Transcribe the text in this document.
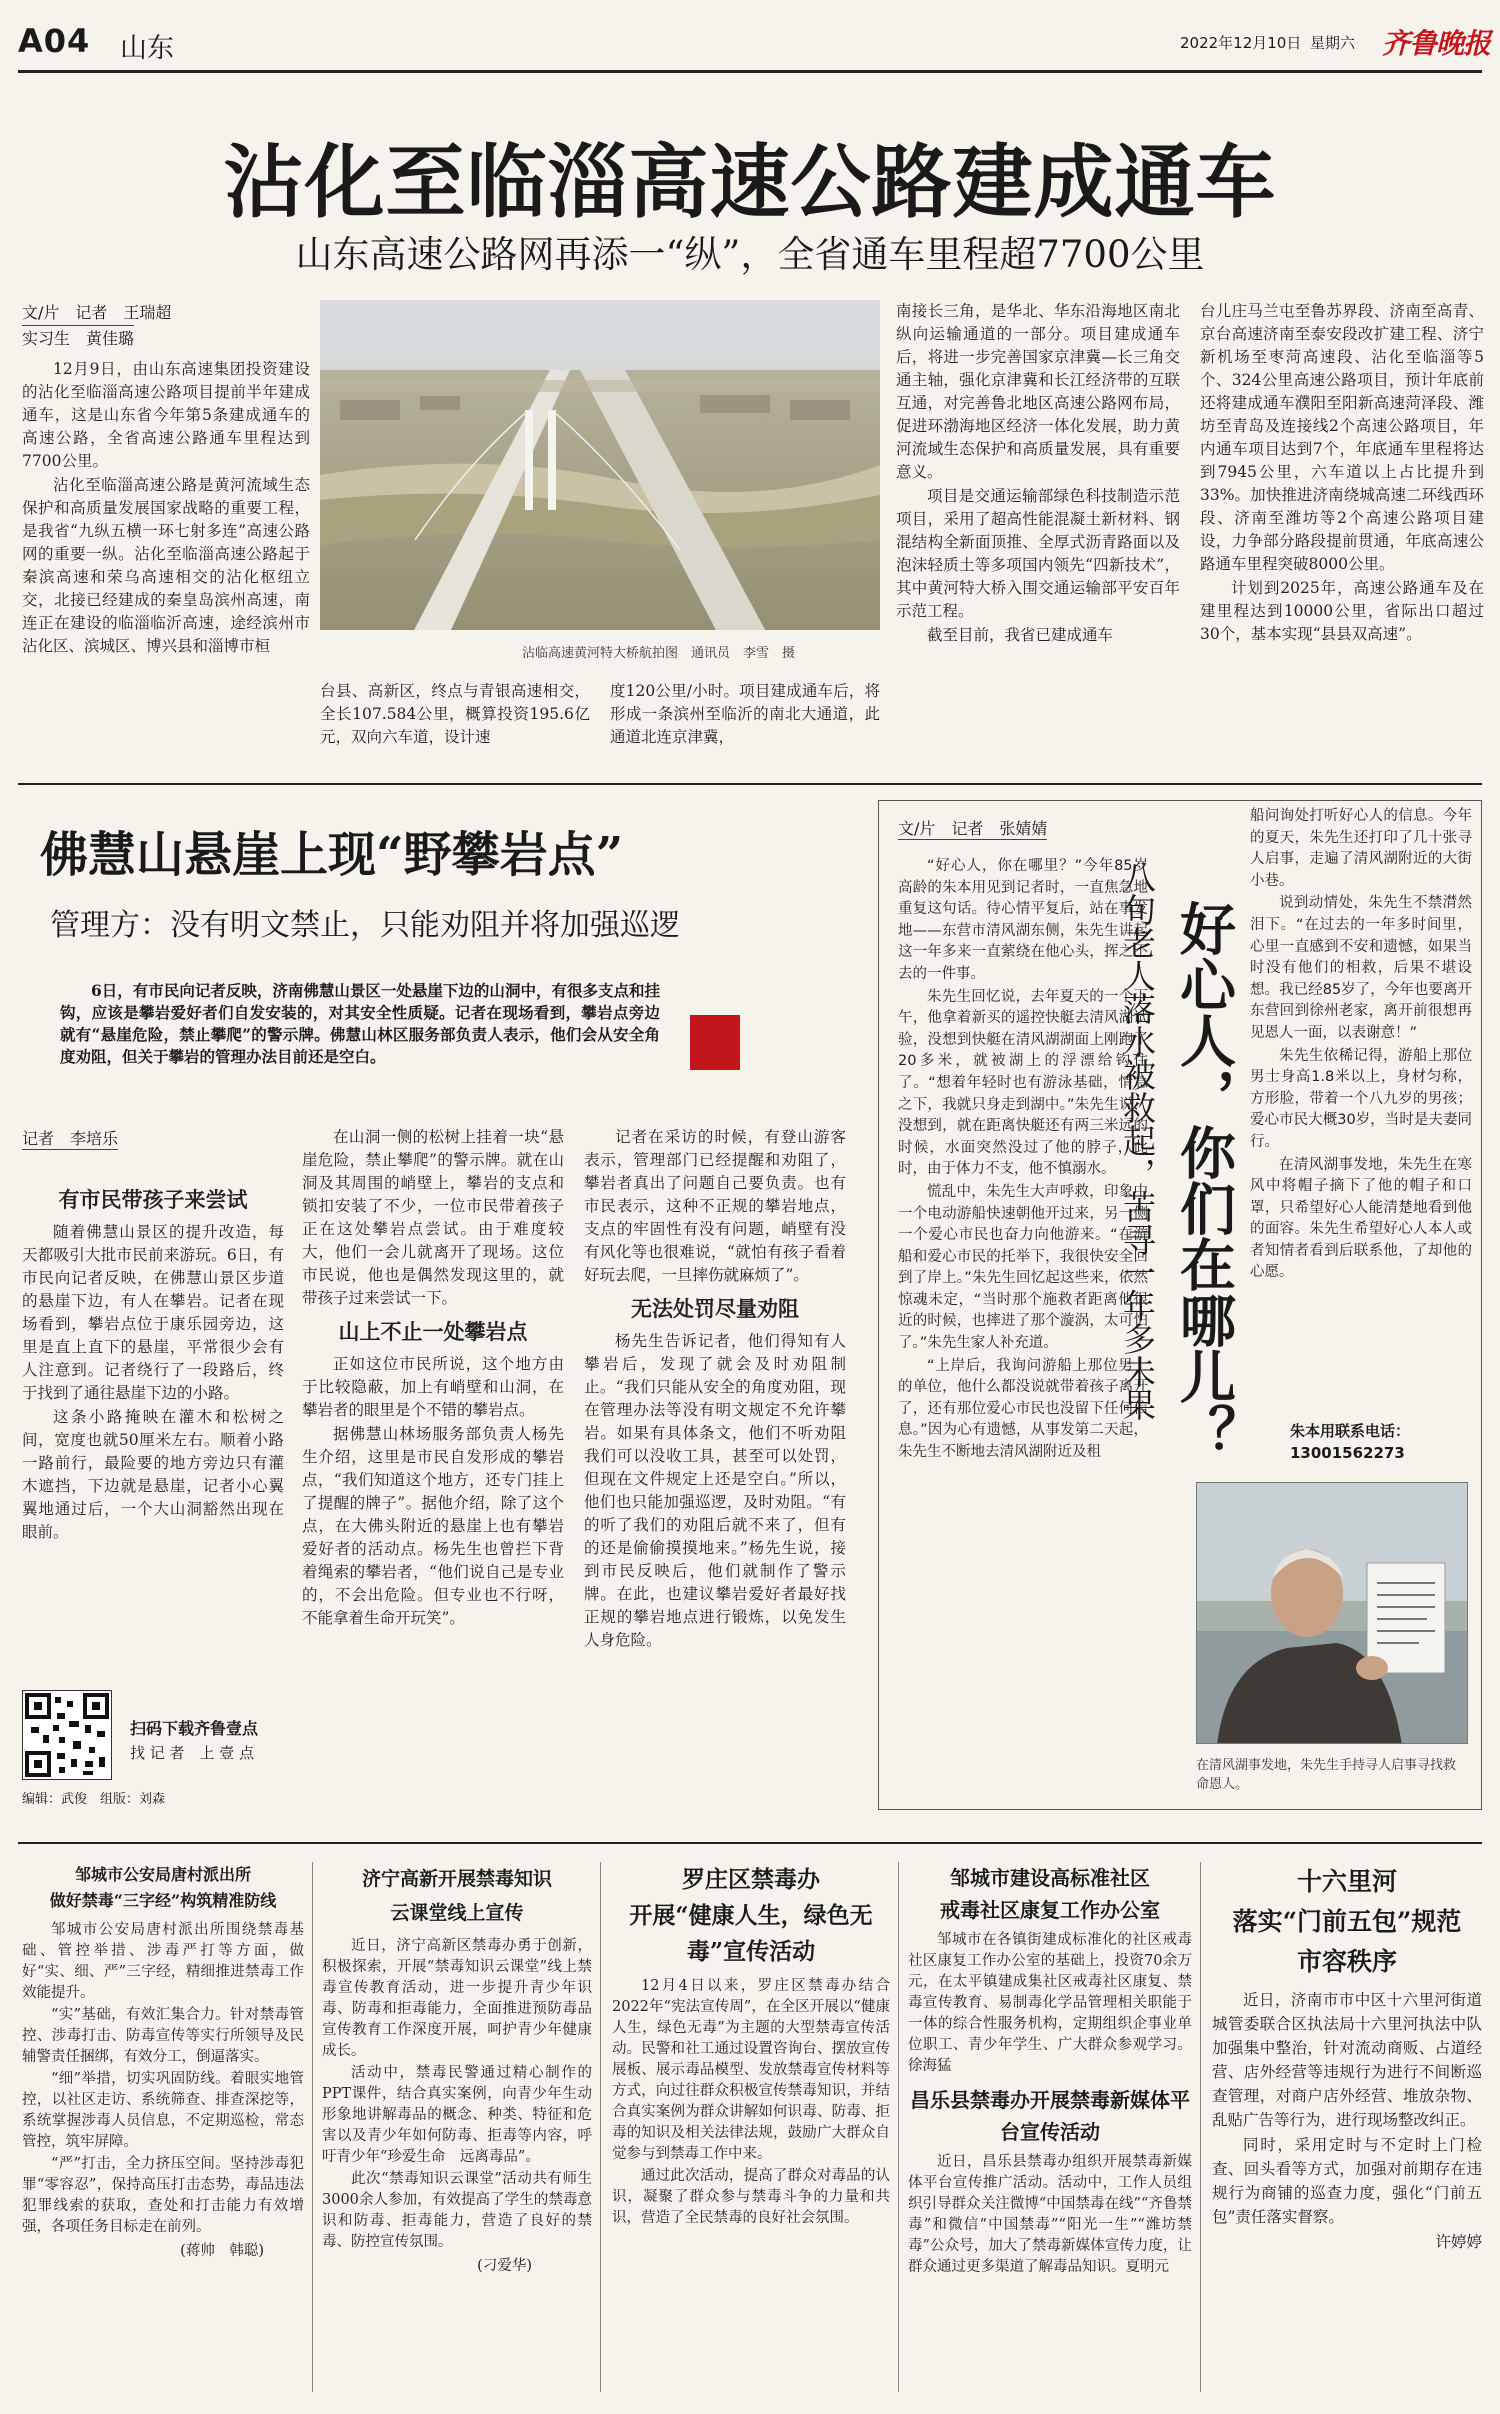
A04 山东	2022年12月10日 星期六 齐鲁晚报
沾化至临淄高速公路建成通车
山东高速公路网再添一“纵”，全省通车里程超7700公里
文/片　记者　王瑞超
实习生　黄佳璐

12月9日，由山东高速集团投资建设的沾化至临淄高速公路项目提前半年建成通车，这是山东省今年第5条建成通车的高速公路，全省高速公路通车里程达到7700公里。

沾化至临淄高速公路是黄河流域生态保护和高质量发展国家战略的重要工程，是我省“九纵五横一环七射多连”高速公路网的重要一纵。沾化至临淄高速公路起于秦滨高速和荣乌高速相交的沾化枢纽立交，北接已经建成的秦皇岛滨州高速，南连正在建设的临淄临沂高速，途经滨州市沾化区、滨城区、博兴县和淄博市桓	沾临高速黄河特大桥航拍图　通讯员　李雪　摄

台县、高新区，终点与青银高速相交，全长107.584公里，概算投资195.6亿元，双向六车道，设计速

度120公里/小时。项目建成通车后，将形成一条滨州至临沂的南北大通道，此通道北连京津冀，

南接长三角，是华北、华东沿海地区南北纵向运输通道的一部分。项目建成通车后，将进一步完善国家京津冀—长三角交通主轴，强化京津冀和长江经济带的互联互通，对完善鲁北地区高速公路网布局，促进环渤海地区经济一体化发展，助力黄河流域生态保护和高质量发展，具有重要意义。

项目是交通运输部绿色科技制造示范项目，采用了超高性能混凝土新材料、钢混结构全新面顶推、全厚式沥青路面以及泡沫轻质土等多项国内领先“四新技术”，其中黄河特大桥入围交通运输部平安百年示范工程。

截至目前，我省已建成通车

台儿庄马兰屯至鲁苏界段、济南至高青、京台高速济南至泰安段改扩建工程、济宁新机场至枣菏高速段、沾化至临淄等5个、324公里高速公路项目，预计年底前还将建成通车濮阳至阳新高速菏泽段、潍坊至青岛及连接线2个高速公路项目，年内通车项目达到7个，年底通车里程将达到7945公里，六车道以上占比提升到33%。加快推进济南绕城高速二环线西环段、济南至潍坊等2个高速公路项目建设，力争部分路段提前贯通，年底高速公路通车里程突破8000公里。

计划到2025年，高速公路通车及在建里程达到10000公里，省际出口超过30个，基本实现“县县双高速”。

佛慧山悬崖上现“野攀岩点”
管理方：没有明文禁止，只能劝阻并将加强巡逻
6日，有市民向记者反映，济南佛慧山景区一处悬崖下边的山洞中，有很多支点和挂钩，应该是攀岩爱好者们自发安装的，对其安全性质疑。记者在现场看到，攀岩点旁边就有“悬崖危险，禁止攀爬”的警示牌。佛慧山林区服务部负责人表示，他们会从安全角度劝阻，但关于攀岩的管理办法目前还是空白。
记者　李培乐
有市民带孩子来尝试

随着佛慧山景区的提升改造，每天都吸引大批市民前来游玩。6日，有市民向记者反映，在佛慧山景区步道的悬崖下边，有人在攀岩。记者在现场看到，攀岩点位于康乐园旁边，这里是直上直下的悬崖，平常很少会有人注意到。记者绕行了一段路后，终于找到了通往悬崖下边的小路。

这条小路掩映在灌木和松树之间，宽度也就50厘米左右。顺着小路一路前行，最险要的地方旁边只有灌木遮挡，下边就是悬崖，记者小心翼翼地通过后，一个大山洞豁然出现在眼前。

扫码下载齐鲁壹点
找 记 者　上 壹 点
编辑：武俊　组版：刘森

在山洞一侧的松树上挂着一块“悬崖危险，禁止攀爬”的警示牌。就在山洞及其周围的峭壁上，攀岩的支点和锁扣安装了不少，一位市民带着孩子正在这处攀岩点尝试。由于难度较大，他们一会儿就离开了现场。这位市民说，他也是偶然发现这里的，就带孩子过来尝试一下。

山上不止一处攀岩点

正如这位市民所说，这个地方由于比较隐蔽，加上有峭壁和山洞，在攀岩者的眼里是个不错的攀岩点。

据佛慧山林场服务部负责人杨先生介绍，这里是市民自发形成的攀岩点，“我们知道这个地方，还专门挂上了提醒的牌子”。据他介绍，除了这个点，在大佛头附近的悬崖上也有攀岩爱好者的活动点。杨先生也曾拦下背着绳索的攀岩者，“他们说自己是专业的，不会出危险。但专业也不行呀，不能拿着生命开玩笑”。

记者在采访的时候，有登山游客表示，管理部门已经提醒和劝阻了，攀岩者真出了问题自己要负责。也有市民表示，这种不正规的攀岩地点，支点的牢固性有没有问题，峭壁有没有风化等也很难说，“就怕有孩子看着好玩去爬，一旦摔伤就麻烦了”。

无法处罚尽量劝阻

杨先生告诉记者，他们得知有人攀岩后，发现了就会及时劝阻制止。“我们只能从安全的角度劝阻，现在管理办法等没有明文规定不允许攀岩。如果有具体条文，他们不听劝阻我们可以没收工具，甚至可以处罚，但现在文件规定上还是空白。”所以，他们也只能加强巡逻，及时劝阻。“有的听了我们的劝阻后就不来了，但有的还是偷偷摸摸地来。”杨先生说，接到市民反映后，他们就制作了警示牌。在此，也建议攀岩爱好者最好找正规的攀岩地点进行锻炼，以免发生人身危险。

文/片　记者　张婧婧

“好心人，你在哪里？”今年85岁高龄的朱本用见到记者时，一直焦急地重复这句话。待心情平复后，站在事发地——东营市清风湖东侧，朱先生讲起这一年多来一直萦绕在他心头，挥之不去的一件事。

朱先生回忆说，去年夏天的一个下午，他拿着新买的遥控快艇去清风湖试验，没想到快艇在清风湖湖面上刚跑了20多米，就被湖上的浮漂给钩住了。“想着年轻时也有游泳基础，情急之下，我就只身走到湖中。”朱先生说，没想到，就在距离快艇还有两三米远的时候，水面突然没过了他的脖子，此时，由于体力不支，他不慎溺水。

慌乱中，朱先生大声呼救，印象中一个电动游船快速朝他开过来，另一侧一个爱心市民也奋力向他游来。“在游船和爱心市民的托举下，我很快安全回到了岸上。”朱先生回忆起这些来，依然惊魂未定，“当时那个施救者距离他很近的时候，也摔进了那个漩涡，太可怕了。”朱先生家人补充道。

“上岸后，我询问游船上那位男士的单位，他什么都没说就带着孩子离开了，还有那位爱心市民也没留下任何信息。”因为心有遗憾，从事发第二天起，朱先生不断地去清风湖附近及租

八旬老人落水被救起，苦寻一年多未果 好心人，你们在哪儿？

船问询处打听好心人的信息。今年的夏天，朱先生还打印了几十张寻人启事，走遍了清风湖附近的大街小巷。

说到动情处，朱先生不禁潸然泪下。“在过去的一年多时间里，心里一直感到不安和遗憾，如果当时没有他们的相救，后果不堪设想。我已经85岁了，今年也要离开东营回到徐州老家，离开前很想再见恩人一面，以表谢意！”

朱先生依稀记得，游船上那位男士身高1.8米以上，身材匀称，方形脸，带着一个八九岁的男孩；爱心市民大概30岁，当时是夫妻同行。

在清风湖事发地，朱先生在寒风中将帽子摘下了他的帽子和口罩，只希望好心人能清楚地看到他的面容。朱先生希望好心人本人或者知情者看到后联系他，了却他的心愿。

朱本用联系电话：
13001562273
在清风湖事发地，朱先生手持寻人启事寻找救命恩人。
邹城市公安局唐村派出所
做好禁毒“三字经”构筑精准防线

邹城市公安局唐村派出所围绕禁毒基础、管控举措、涉毒严打等方面，做好“实、细、严”三字经，精细推进禁毒工作效能提升。

“实”基础，有效汇集合力。针对禁毒管控、涉毒打击、防毒宣传等实行所领导及民辅警责任捆绑，有效分工，倒逼落实。

“细”举措，切实巩固防线。着眼实地管控，以社区走访、系统筛查、排查深挖等，系统掌握涉毒人员信息，不定期巡检，常态管控，筑牢屏障。

“严”打击，全力挤压空间。坚持涉毒犯罪“零容忍”，保持高压打击态势，毒品违法犯罪线索的获取，查处和打击能力有效增强，各项任务目标走在前列。

(蒋帅　韩聪)
济宁高新开展禁毒知识
云课堂线上宣传

近日，济宁高新区禁毒办勇于创新，积极探索，开展“禁毒知识云课堂”线上禁毒宣传教育活动，进一步提升青少年识毒、防毒和拒毒能力，全面推进预防毒品宣传教育工作深度开展，呵护青少年健康成长。

活动中，禁毒民警通过精心制作的PPT课件，结合真实案例，向青少年生动形象地讲解毒品的概念、种类、特征和危害以及青少年如何防毒、拒毒等内容，呼吁青少年“珍爱生命　远离毒品”。

此次“禁毒知识云课堂”活动共有师生3000余人参加，有效提高了学生的禁毒意识和防毒、拒毒能力，营造了良好的禁毒、防控宣传氛围。

(刁爱华)
罗庄区禁毒办
开展“健康人生，绿色无毒”宣传活动

12月4日以来，罗庄区禁毒办结合2022年“宪法宣传周”，在全区开展以“健康人生，绿色无毒”为主题的大型禁毒宣传活动。民警和社工通过设置咨询台、摆放宣传展板、展示毒品模型、发放禁毒宣传材料等方式，向过往群众积极宣传禁毒知识，并结合真实案例为群众讲解如何识毒、防毒、拒毒的知识及相关法律法规，鼓励广大群众自觉参与到禁毒工作中来。

通过此次活动，提高了群众对毒品的认识，凝聚了群众参与禁毒斗争的力量和共识，营造了全民禁毒的良好社会氛围。

邹城市建设高标准社区
戒毒社区康复工作办公室

邹城市在各镇街建成标准化的社区戒毒社区康复工作办公室的基础上，投资70余万元，在太平镇建成集社区戒毒社区康复、禁毒宣传教育、易制毒化学品管理相关职能于一体的综合性服务机构，定期组织企事业单位职工、青少年学生、广大群众参观学习。徐海猛

昌乐县禁毒办开展禁毒新媒体平台宣传活动

近日，昌乐县禁毒办组织开展禁毒新媒体平台宣传推广活动。活动中，工作人员组织引导群众关注微博“中国禁毒在线”“齐鲁禁毒”和微信“中国禁毒”“阳光一生”“潍坊禁毒”公众号，加大了禁毒新媒体宣传力度，让群众通过更多渠道了解毒品知识。夏明元

十六里河
落实“门前五包”规范市容秩序

近日，济南市市中区十六里河街道城管委联合区执法局十六里河执法中队加强集中整治，针对流动商贩、占道经营、店外经营等违规行为进行不间断巡查管理，对商户店外经营、堆放杂物、乱贴广告等行为，进行现场整改纠正。

同时，采用定时与不定时上门检查、回头看等方式，加强对前期存在违规行为商铺的巡查力度，强化“门前五包”责任落实督察。

许婷婷
